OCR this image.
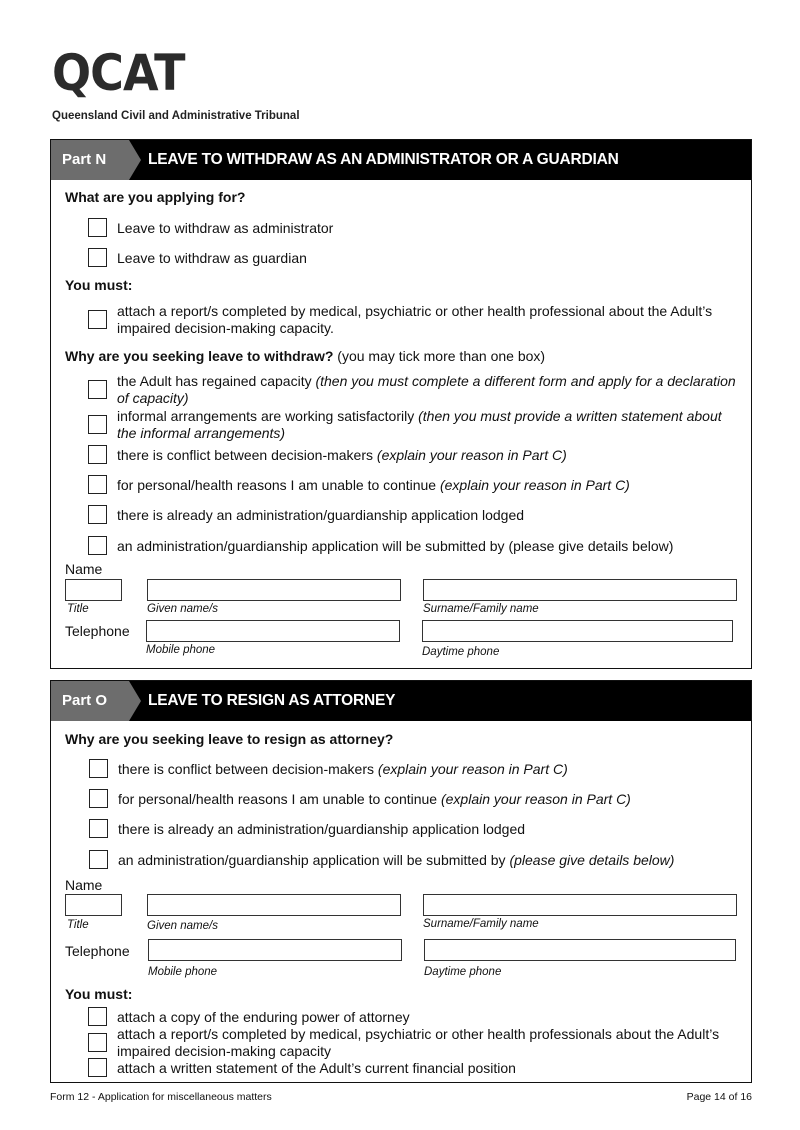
QCAT
Queensland Civil and Administrative Tribunal
Part N	LEAVE TO WITHDRAW AS AN ADMINISTRATOR OR A GUARDIAN
What are you applying for?
Leave to withdraw as administrator
Leave to withdraw as guardian
You must:
attach a report/s completed by medical, psychiatric or other health professional about the Adult’s impaired decision-making capacity.
Why are you seeking leave to withdraw? (you may tick more than one box)
the Adult has regained capacity (then you must complete a different form and apply for a declaration of capacity)
informal arrangements are working satisfactorily (then you must provide a written statement about the informal arrangements)
there is conflict between decision-makers (explain your reason in Part C)
for personal/health reasons I am unable to continue (explain your reason in Part C)
there is already an administration/guardianship application lodged
an administration/guardianship application will be submitted by (please give details below)
Name
Title	Given name/s	Surname/Family name
Telephone
Mobile phone	Daytime phone
Part O	LEAVE TO RESIGN AS ATTORNEY
Why are you seeking leave to resign as attorney?
there is conflict between decision-makers (explain your reason in Part C)
for personal/health reasons I am unable to continue (explain your reason in Part C)
there is already an administration/guardianship application lodged
an administration/guardianship application will be submitted by (please give details below)
Name
Title	Given name/s	Surname/Family name
Telephone
Mobile phone	Daytime phone
You must:
attach a copy of the enduring power of attorney
attach a report/s completed by medical, psychiatric or other health professionals about the Adult’s impaired decision-making capacity
attach a written statement of the Adult’s current financial position
Form 12 - Application for miscellaneous matters	Page 14 of 16
